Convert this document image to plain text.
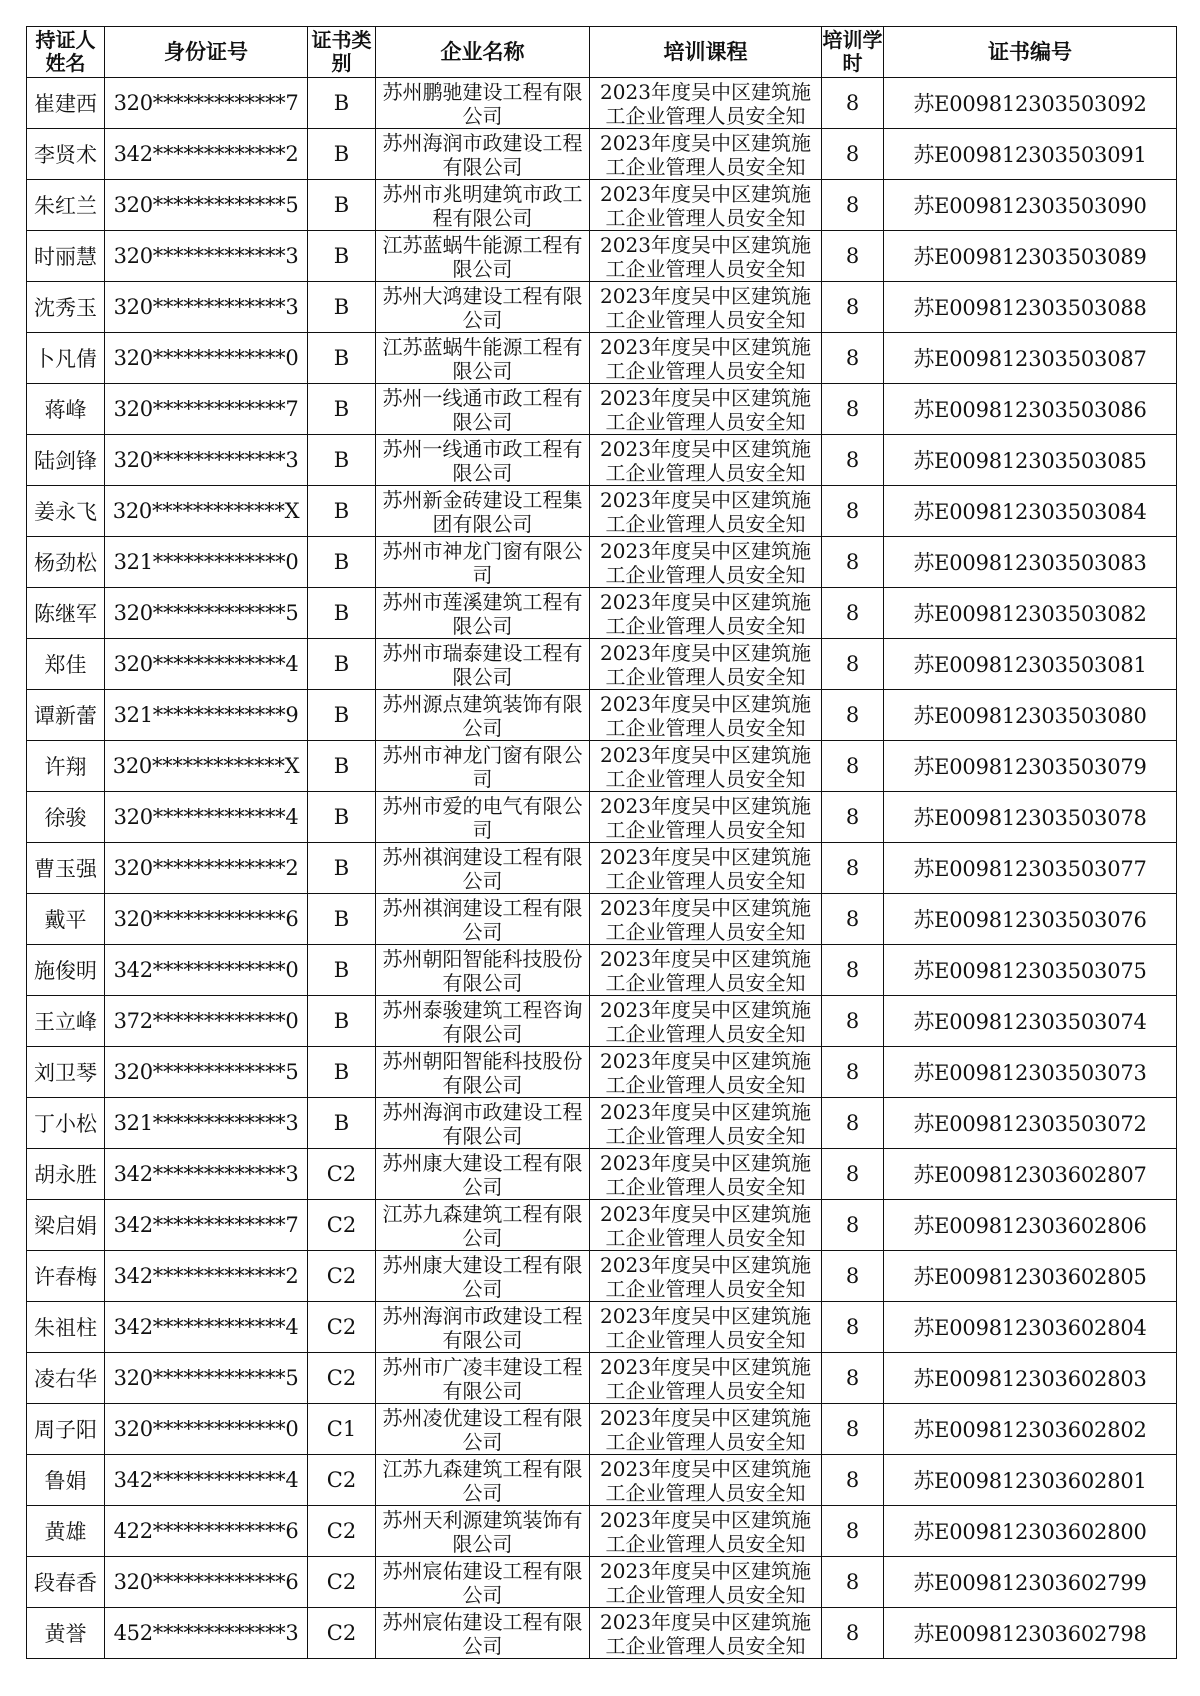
持证人姓名	身份证号	证书类别	企业名称	培训课程	培训学时	证书编号
崔建西	320*************7	B	苏州鹏驰建设工程有限公司	2023年度吴中区建筑施工企业管理人员安全知	8	苏E009812303503092
李贤术	342*************2	B	苏州海润市政建设工程有限公司	2023年度吴中区建筑施工企业管理人员安全知	8	苏E009812303503091
朱红兰	320*************5	B	苏州市兆明建筑市政工程有限公司	2023年度吴中区建筑施工企业管理人员安全知	8	苏E009812303503090
时丽慧	320*************3	B	江苏蓝蜗牛能源工程有限公司	2023年度吴中区建筑施工企业管理人员安全知	8	苏E009812303503089
沈秀玉	320*************3	B	苏州大鸿建设工程有限公司	2023年度吴中区建筑施工企业管理人员安全知	8	苏E009812303503088
卜凡倩	320*************0	B	江苏蓝蜗牛能源工程有限公司	2023年度吴中区建筑施工企业管理人员安全知	8	苏E009812303503087
蒋峰	320*************7	B	苏州一线通市政工程有限公司	2023年度吴中区建筑施工企业管理人员安全知	8	苏E009812303503086
陆剑锋	320*************3	B	苏州一线通市政工程有限公司	2023年度吴中区建筑施工企业管理人员安全知	8	苏E009812303503085
姜永飞	320*************X	B	苏州新金砖建设工程集团有限公司	2023年度吴中区建筑施工企业管理人员安全知	8	苏E009812303503084
杨劲松	321*************0	B	苏州市神龙门窗有限公司	2023年度吴中区建筑施工企业管理人员安全知	8	苏E009812303503083
陈继军	320*************5	B	苏州市莲溪建筑工程有限公司	2023年度吴中区建筑施工企业管理人员安全知	8	苏E009812303503082
郑佳	320*************4	B	苏州市瑞泰建设工程有限公司	2023年度吴中区建筑施工企业管理人员安全知	8	苏E009812303503081
谭新蕾	321*************9	B	苏州源点建筑装饰有限公司	2023年度吴中区建筑施工企业管理人员安全知	8	苏E009812303503080
许翔	320*************X	B	苏州市神龙门窗有限公司	2023年度吴中区建筑施工企业管理人员安全知	8	苏E009812303503079
徐骏	320*************4	B	苏州市爱的电气有限公司	2023年度吴中区建筑施工企业管理人员安全知	8	苏E009812303503078
曹玉强	320*************2	B	苏州祺润建设工程有限公司	2023年度吴中区建筑施工企业管理人员安全知	8	苏E009812303503077
戴平	320*************6	B	苏州祺润建设工程有限公司	2023年度吴中区建筑施工企业管理人员安全知	8	苏E009812303503076
施俊明	342*************0	B	苏州朝阳智能科技股份有限公司	2023年度吴中区建筑施工企业管理人员安全知	8	苏E009812303503075
王立峰	372*************0	B	苏州泰骏建筑工程咨询有限公司	2023年度吴中区建筑施工企业管理人员安全知	8	苏E009812303503074
刘卫琴	320*************5	B	苏州朝阳智能科技股份有限公司	2023年度吴中区建筑施工企业管理人员安全知	8	苏E009812303503073
丁小松	321*************3	B	苏州海润市政建设工程有限公司	2023年度吴中区建筑施工企业管理人员安全知	8	苏E009812303503072
胡永胜	342*************3	C2	苏州康大建设工程有限公司	2023年度吴中区建筑施工企业管理人员安全知	8	苏E009812303602807
梁启娟	342*************7	C2	江苏九森建筑工程有限公司	2023年度吴中区建筑施工企业管理人员安全知	8	苏E009812303602806
许春梅	342*************2	C2	苏州康大建设工程有限公司	2023年度吴中区建筑施工企业管理人员安全知	8	苏E009812303602805
朱祖柱	342*************4	C2	苏州海润市政建设工程有限公司	2023年度吴中区建筑施工企业管理人员安全知	8	苏E009812303602804
凌右华	320*************5	C2	苏州市广凌丰建设工程有限公司	2023年度吴中区建筑施工企业管理人员安全知	8	苏E009812303602803
周子阳	320*************0	C1	苏州凌优建设工程有限公司	2023年度吴中区建筑施工企业管理人员安全知	8	苏E009812303602802
鲁娟	342*************4	C2	江苏九森建筑工程有限公司	2023年度吴中区建筑施工企业管理人员安全知	8	苏E009812303602801
黄雄	422*************6	C2	苏州天利源建筑装饰有限公司	2023年度吴中区建筑施工企业管理人员安全知	8	苏E009812303602800
段春香	320*************6	C2	苏州宸佑建设工程有限公司	2023年度吴中区建筑施工企业管理人员安全知	8	苏E009812303602799
黄誉	452*************3	C2	苏州宸佑建设工程有限公司	2023年度吴中区建筑施工企业管理人员安全知	8	苏E009812303602798
